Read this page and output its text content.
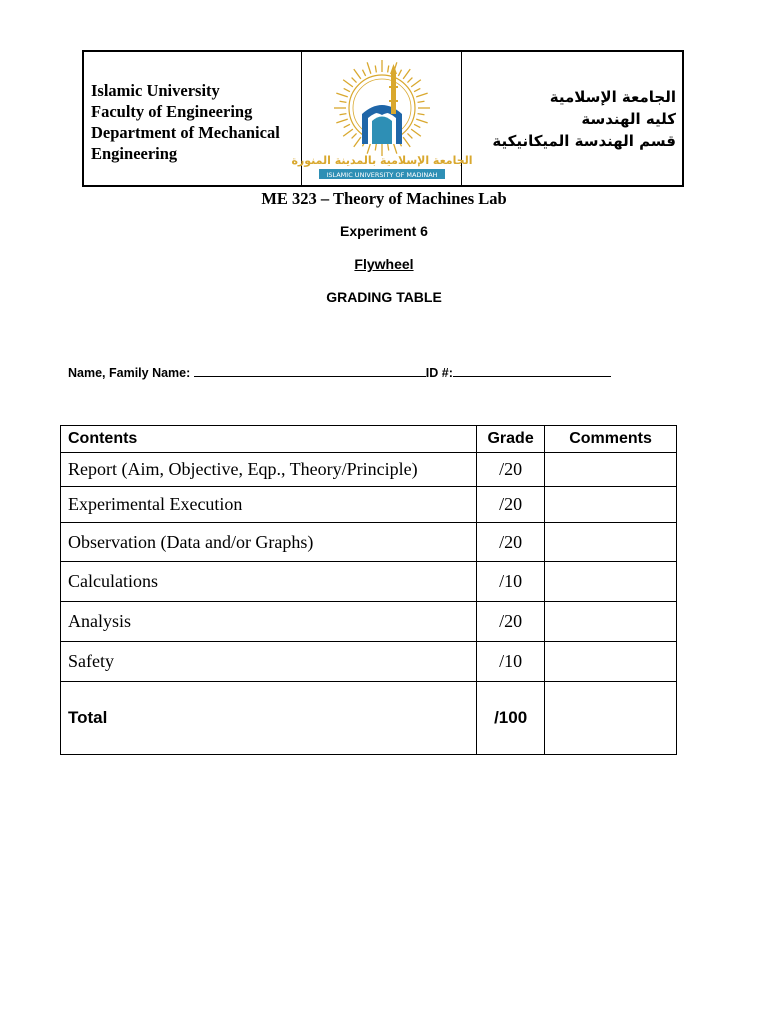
Islamic University
Faculty of Engineering
Department of Mechanical
Engineering	الجامعة الإسلامية بالمدينة المنورة
ISLAMIC UNIVERSITY OF MADINAH
الجامعة الإسلامية
كليه الهندسة
قسم الهندسة الميكانيكية
ME 323 – Theory of Machines Lab
Experiment 6
Flywheel
GRADING TABLE
Name, Family Name:	ID #:
Contents	Grade	Comments
Report (Aim, Objective, Eqp., Theory/Principle)	/20	
Experimental Execution	/20	
Observation (Data and/or Graphs)	/20	
Calculations	/10	
Analysis	/20	
Safety	/10	
Total	/100	
